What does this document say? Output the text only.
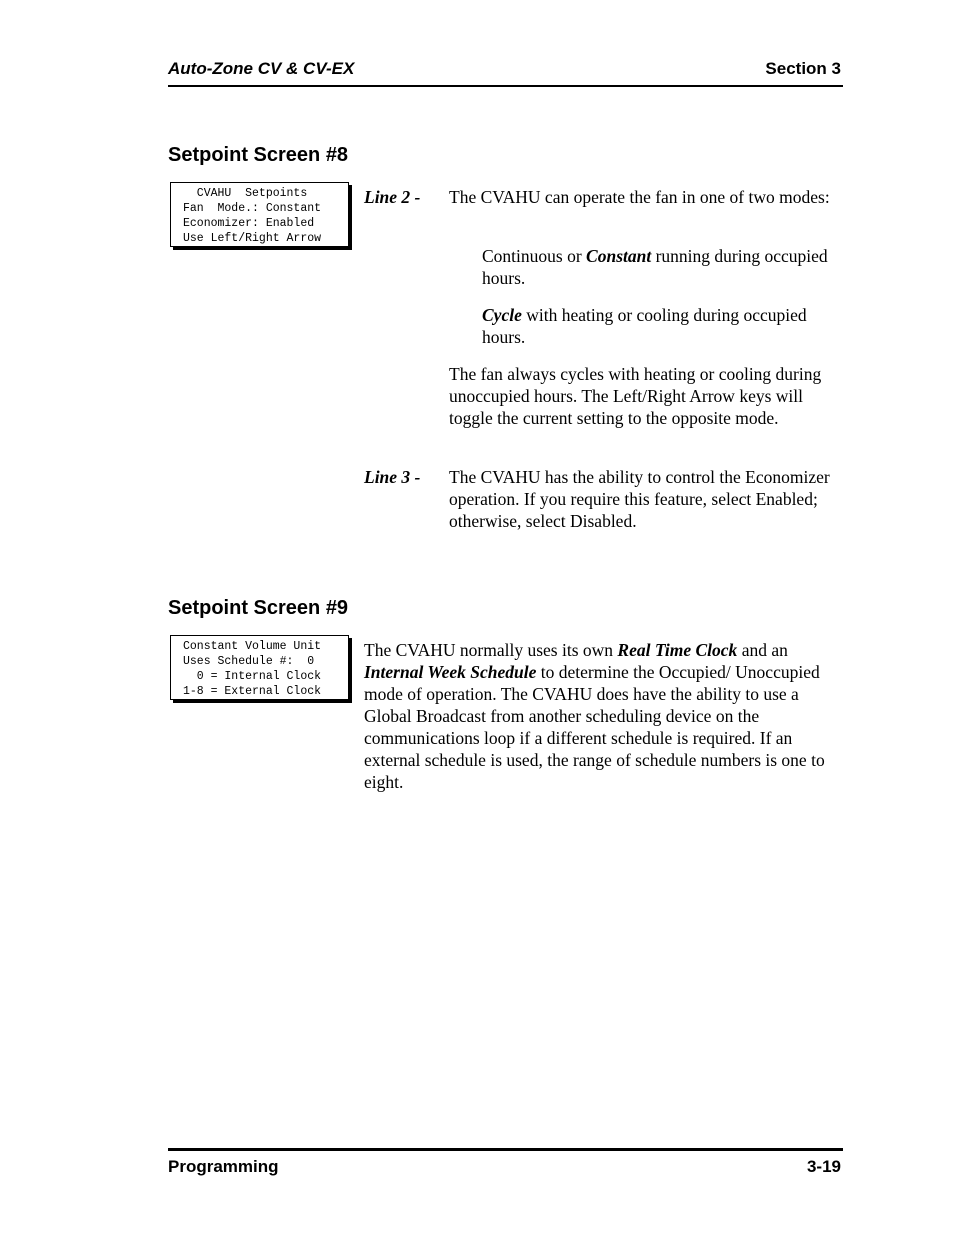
Auto-Zone CV & CV-EX	Section 3
Setpoint Screen #8

CVAHU  Setpoints

Fan  Mode.: Constant

Economizer: Enabled

Use Left/Right Arrow

Line 2 - The CVAHU can operate the fan in one of two modes:

Continuous or Constant running during occupied hours.

Cycle with heating or cooling during occupied hours.

The fan always cycles with heating or cooling during unoccupied hours. The Left/Right Arrow keys will toggle the current setting to the opposite mode.

Line 3 - The CVAHU has the ability to control the Economizer operation. If you require this feature, select Enabled; otherwise, select Disabled.

Setpoint Screen #9

Constant Volume Unit

Uses Schedule #:  0

0 = Internal Clock

1-8 = External Clock

The CVAHU normally uses its own Real Time Clock and an Internal Week Schedule to determine the Occupied/ Unoccupied mode of operation. The CVAHU does have the ability to use a Global Broadcast from another scheduling device on the communications loop if a different schedule is required. If an external schedule is used, the range of schedule numbers is one to eight.

Programming	3-19
